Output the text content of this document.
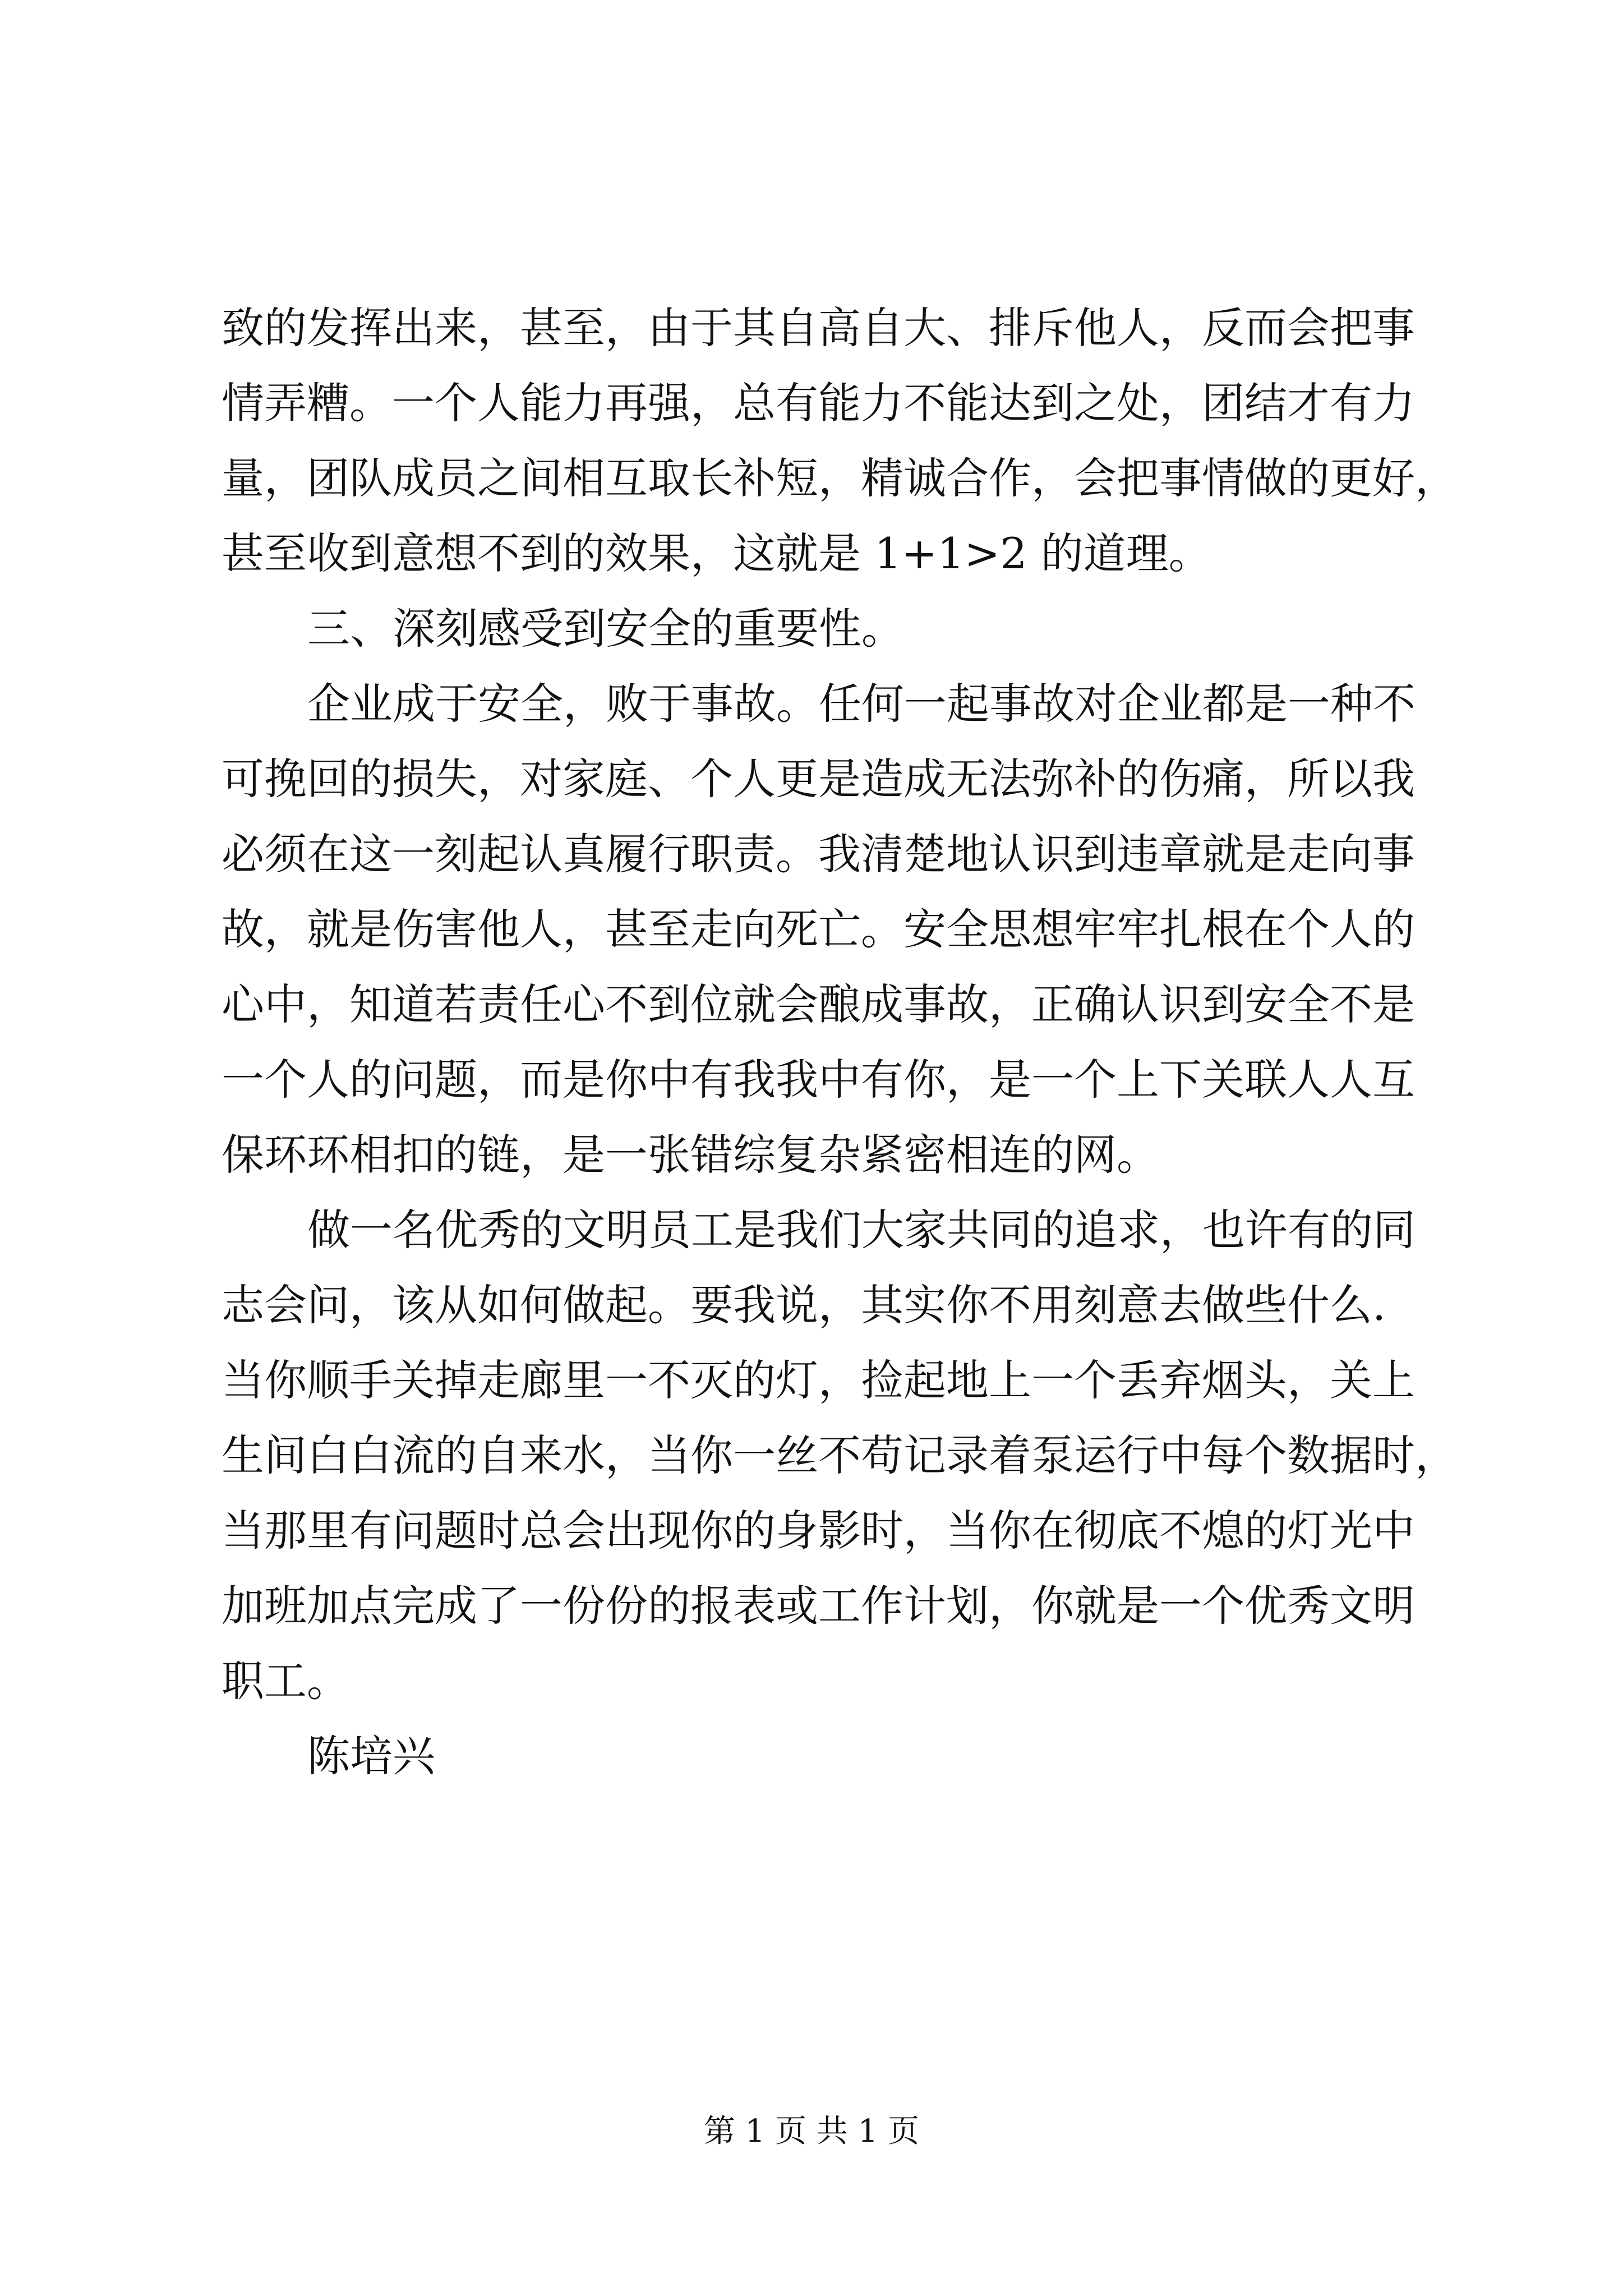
致的发挥出来，甚至，由于其自高自大、排斥他人，反而会把事
情弄糟。一个人能力再强，总有能力不能达到之处，团结才有力
量，团队成员之间相互取长补短，精诚合作，会把事情做的更好，
甚至收到意想不到的效果，这就是 1+1>2 的道理。
三、深刻感受到安全的重要性。
企业成于安全，败于事故。任何一起事故对企业都是一种不
可挽回的损失，对家庭、个人更是造成无法弥补的伤痛，所以我
必须在这一刻起认真履行职责。我清楚地认识到违章就是走向事
故，就是伤害他人，甚至走向死亡。安全思想牢牢扎根在个人的
心中，知道若责任心不到位就会酿成事故，正确认识到安全不是
一个人的问题，而是你中有我我中有你，是一个上下关联人人互
保环环相扣的链，是一张错综复杂紧密相连的网。
做一名优秀的文明员工是我们大家共同的追求，也许有的同
志会问，该从如何做起。要我说，其实你不用刻意去做些什么.
当你顺手关掉走廊里一不灭的灯，捡起地上一个丢弃烟头，关上
生间白白流的自来水，当你一丝不苟记录着泵运行中每个数据时，
当那里有问题时总会出现你的身影时，当你在彻底不熄的灯光中
加班加点完成了一份份的报表或工作计划，你就是一个优秀文明
职工。
陈培兴
第 1 页 共 1 页
